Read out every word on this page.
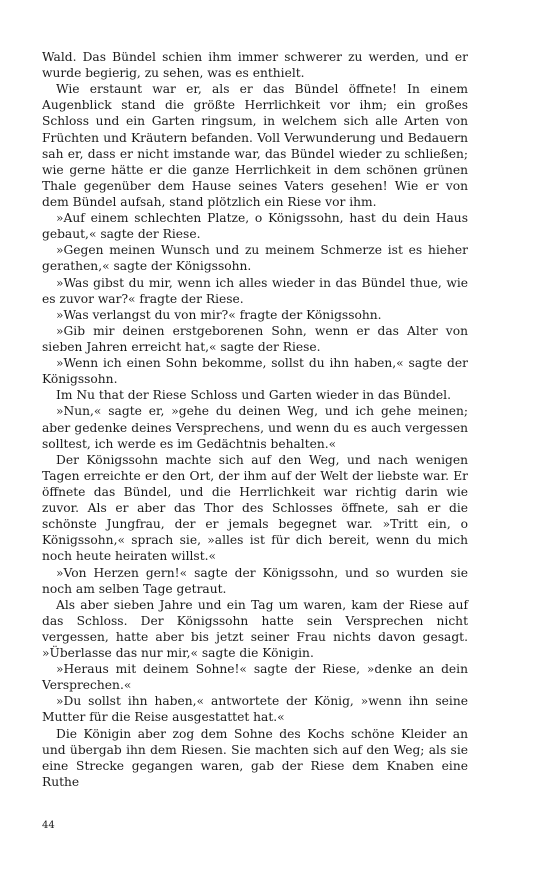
Wald. Das Bündel schien ihm immer schwerer zu werden, und er wurde begierig, zu sehen, was es enthielt.

Wie erstaunt war er, als er das Bündel öffnete! In einem Augenblick stand die größte Herrlichkeit vor ihm; ein großes Schloss und ein Garten ringsum, in welchem sich alle Arten von Früchten und Kräutern befanden. Voll Verwunderung und Bedauern sah er, dass er nicht imstande war, das Bündel wieder zu schließen; wie gerne hätte er die ganze Herrlichkeit in dem schönen grünen Thale gegenüber dem Hause seines Vaters gesehen! Wie er von dem Bündel aufsah, stand plötzlich ein Riese vor ihm.

»Auf einem schlechten Platze, o Königssohn, hast du dein Haus gebaut,« sagte der Riese.

»Gegen meinen Wunsch und zu meinem Schmerze ist es hieher gerathen,« sagte der Königssohn.

»Was gibst du mir, wenn ich alles wieder in das Bündel thue, wie es zuvor war?« fragte der Riese.

»Was verlangst du von mir?« fragte der Königssohn.

»Gib mir deinen erstgeborenen Sohn, wenn er das Alter von sieben Jahren erreicht hat,« sagte der Riese.

»Wenn ich einen Sohn bekomme, sollst du ihn haben,« sagte der Königssohn.

Im Nu that der Riese Schloss und Garten wieder in das Bündel.

»Nun,« sagte er, »gehe du deinen Weg, und ich gehe meinen; aber gedenke deines Versprechens, und wenn du es auch vergessen solltest, ich werde es im Gedächtnis behalten.«

Der Königssohn machte sich auf den Weg, und nach wenigen Tagen erreichte er den Ort, der ihm auf der Welt der liebste war. Er öffnete das Bündel, und die Herrlichkeit war richtig darin wie zuvor. Als er aber das Thor des Schlosses öffnete, sah er die schönste Jungfrau, der er jemals begegnet war. »Tritt ein, o Königssohn,« sprach sie, »alles ist für dich bereit, wenn du mich noch heute heiraten willst.«

»Von Herzen gern!« sagte der Königssohn, und so wurden sie noch am selben Tage getraut.

Als aber sieben Jahre und ein Tag um waren, kam der Riese auf das Schloss. Der Königssohn hatte sein Versprechen nicht vergessen, hatte aber bis jetzt seiner Frau nichts davon gesagt. »Überlasse das nur mir,« sagte die Königin.

»Heraus mit deinem Sohne!« sagte der Riese, »denke an dein Versprechen.«

»Du sollst ihn haben,« antwortete der König, »wenn ihn seine Mutter für die Reise ausgestattet hat.«

Die Königin aber zog dem Sohne des Kochs schöne Kleider an und übergab ihn dem Riesen. Sie machten sich auf den Weg; als sie eine Strecke gegangen waren, gab der Riese dem Knaben eine Ruthe

44
